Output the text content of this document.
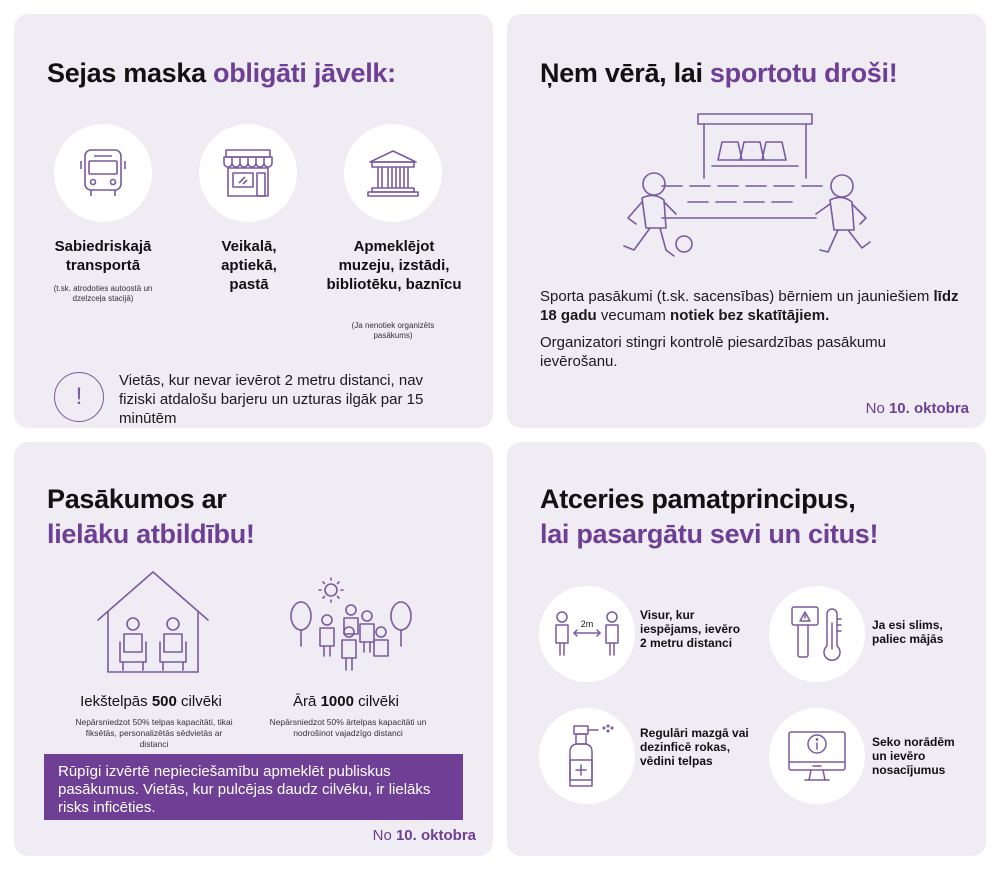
Sejas maska obligāti jāvelk:
Sabiedriskajā transportā
(t.sk. atrodoties autoostā un dzelzceļa stacijā)
Veikalā, aptiekā, pastā
Apmeklējot muzeju, izstādi, bibliotēku, baznīcu
(Ja nenotiek organizēts pasākums)
!
Vietās, kur nevar ievērot 2 metru distanci, nav fiziski atdalošu barjeru un uzturas ilgāk par 15 minūtēm
Ņem vērā, lai sportotu droši!
Sporta pasākumi (t.sk. sacensības) bērniem un jauniešiem līdz 18 gadu vecumam notiek bez skatītājiem.
Organizatori stingri kontrolē piesardzības pasākumu ievērošanu.
No 10. oktobra
Pasākumos ar
lielāku atbildību!
Iekštelpās 500 cilvēki
Nepārsniedzot 50% telpas kapacitāti, tikai fiksētās, personalizētās sēdvietās ar distanci
Ārā 1000 cilvēki
Nepārsniedzot 50% ārtelpas kapacitāti un nodrošinot vajadzīgo distanci
Rūpīgi izvērtē nepieciešamību apmeklēt publiskus pasākumus. Vietās, kur pulcējas daudz cilvēku, ir lielāks risks inficēties.
No 10. oktobra
Atceries pamatprincipus,
lai pasargātu sevi un citus!
2m
Visur, kur iespējams, ievēro 2 metru distanci
Ja esi slims, paliec mājās
Regulāri mazgā vai dezinficē rokas, vēdini telpas
Seko norādēm un ievēro nosacījumus
